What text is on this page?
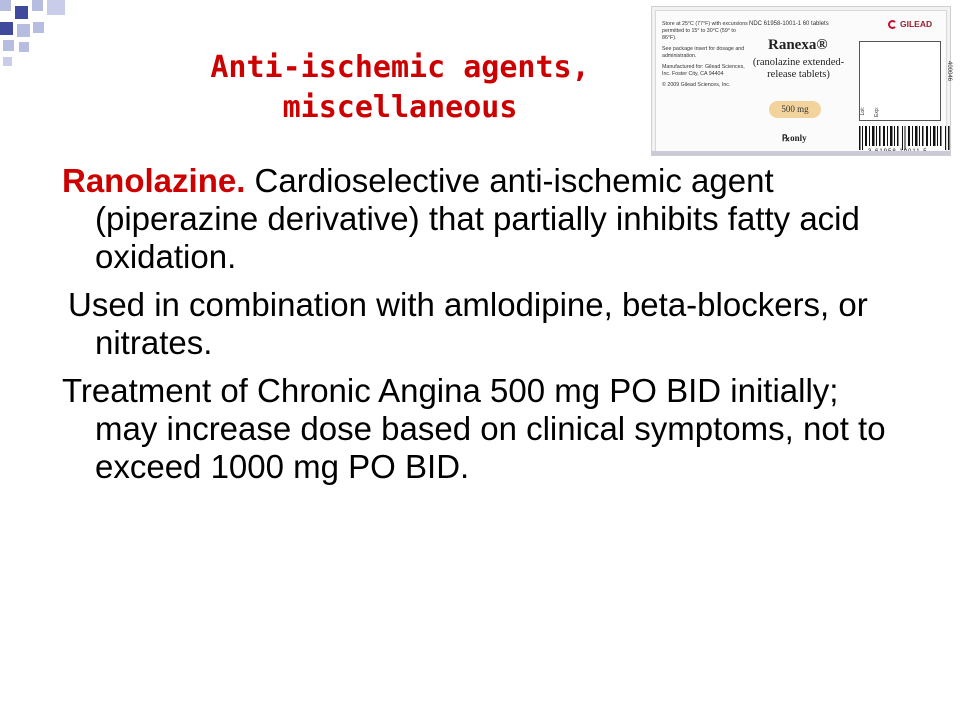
Anti-ischemic agents,
miscellaneous

Store at 25°C (77°F) with excursions permitted to 15° to 30°C (59° to 86°F).

See package insert for dosage and administration.

Manufactured for: Gilead Sciences, Inc. Foster City, CA 94404

© 2009 Gilead Sciences, Inc.

NDC 61958-1001-1 60 tablets
Ranexa®
(ranolazine extended-release tablets)
500 mg
℞only
GILEAD
400046
Lot: Exp:

Ranolazine. Cardioselective anti-ischemic agent (piperazine derivative) that partially inhibits fatty acid oxidation.

Used in combination with amlodipine, beta-blockers, or nitrates.

Treatment of Chronic Angina 500 mg PO BID initially; may increase dose based on clinical symptoms, not to exceed 1000 mg PO BID.
